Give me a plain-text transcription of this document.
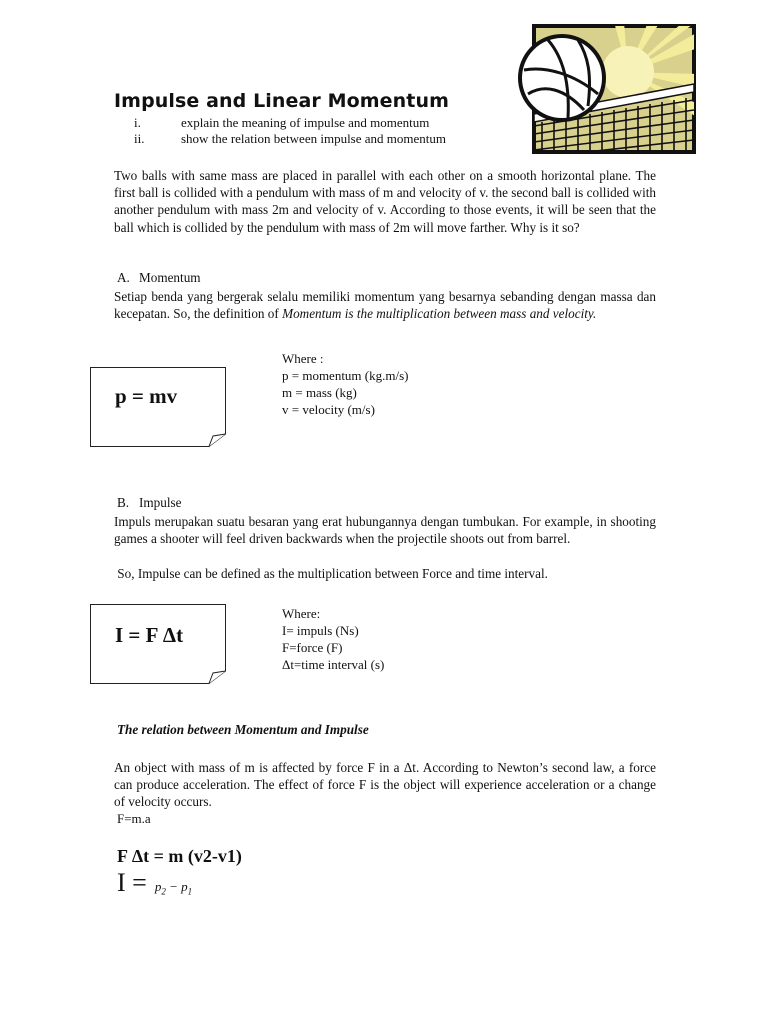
Impulse and Linear Momentum
i.	explain the meaning of impulse and momentum
ii.	show the relation between impulse and momentum

Two balls with same mass are placed in parallel with each other on a smooth horizontal plane. The first ball is collided with a pendulum with mass of m and velocity of v. the second ball is collided with another pendulum with mass 2m and velocity of v. According to those events, it will be seen that the ball which is collided by the pendulum with mass of 2m will move farther. Why is it so?

A. Momentum

Setiap benda yang bergerak selalu memiliki momentum yang besarnya sebanding dengan massa dan kecepatan. So, the definition of Momentum is the multiplication between mass and velocity.

p = mv
Where :
p = momentum (kg.m/s)
m = mass (kg)
v = velocity (m/s)
B. Impulse

Impuls merupakan suatu besaran yang erat hubungannya dengan tumbukan. For example, in shooting games a shooter will feel driven backwards when the projectile shoots out from barrel.

So, Impulse can be defined as the multiplication between Force and time interval.

I = F Δt
Where:
I= impuls (Ns)
F=force (F)
Δt=time interval (s)
The relation between Momentum and Impulse

An object with mass of m is affected by force F in a Δt. According to Newton’s second law, a force can produce acceleration. The effect of force F is the object will experience acceleration or a change of velocity occurs.

F=m.a
F Δt = m (v2-v1)
$I = p_2 - p_1$
